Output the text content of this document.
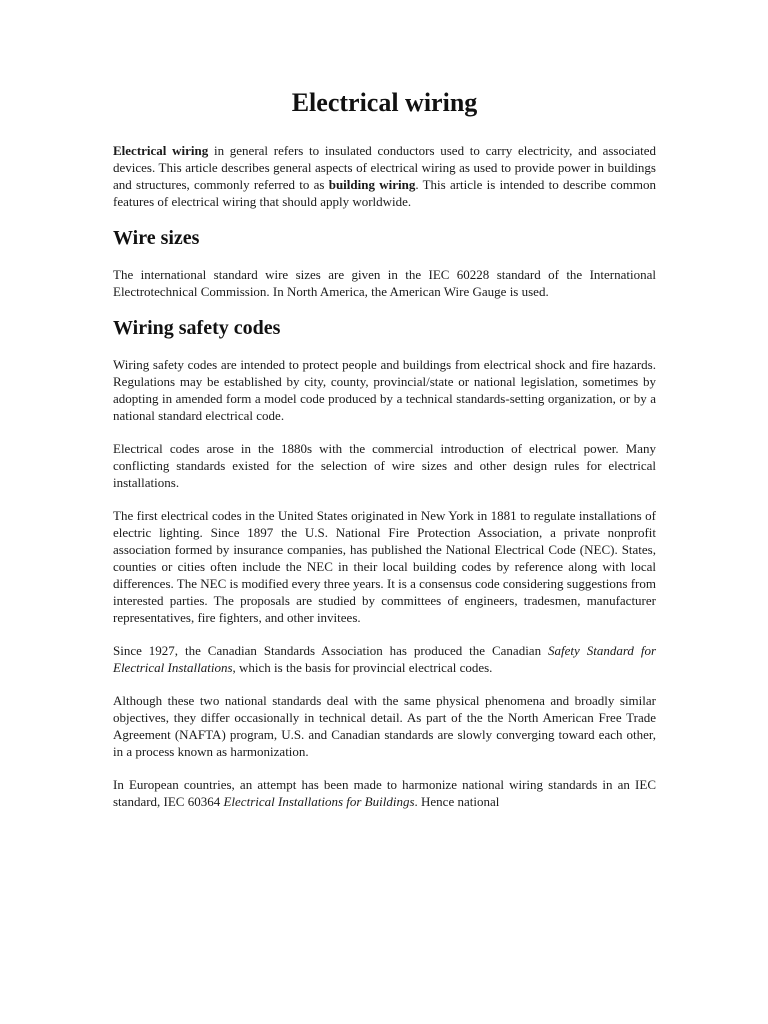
Electrical wiring

Electrical wiring in general refers to insulated conductors used to carry electricity, and associated devices. This article describes general aspects of electrical wiring as used to provide power in buildings and structures, commonly referred to as building wiring. This article is intended to describe common features of electrical wiring that should apply worldwide.

Wire sizes

The international standard wire sizes are given in the IEC 60228 standard of the International Electrotechnical Commission. In North America, the American Wire Gauge is used.

Wiring safety codes

Wiring safety codes are intended to protect people and buildings from electrical shock and fire hazards. Regulations may be established by city, county, provincial/state or national legislation, sometimes by adopting in amended form a model code produced by a technical standards-setting organization, or by a national standard electrical code.

Electrical codes arose in the 1880s with the commercial introduction of electrical power. Many conflicting standards existed for the selection of wire sizes and other design rules for electrical installations.

The first electrical codes in the United States originated in New York in 1881 to regulate installations of electric lighting. Since 1897 the U.S. National Fire Protection Association, a private nonprofit association formed by insurance companies, has published the National Electrical Code (NEC). States, counties or cities often include the NEC in their local building codes by reference along with local differences. The NEC is modified every three years. It is a consensus code considering suggestions from interested parties. The proposals are studied by committees of engineers, tradesmen, manufacturer representatives, fire fighters, and other invitees.

Since 1927, the Canadian Standards Association has produced the Canadian Safety Standard for Electrical Installations, which is the basis for provincial electrical codes.

Although these two national standards deal with the same physical phenomena and broadly similar objectives, they differ occasionally in technical detail. As part of the the North American Free Trade Agreement (NAFTA) program, U.S. and Canadian standards are slowly converging toward each other, in a process known as harmonization.

In European countries, an attempt has been made to harmonize national wiring standards in an IEC standard, IEC 60364 Electrical Installations for Buildings. Hence national
